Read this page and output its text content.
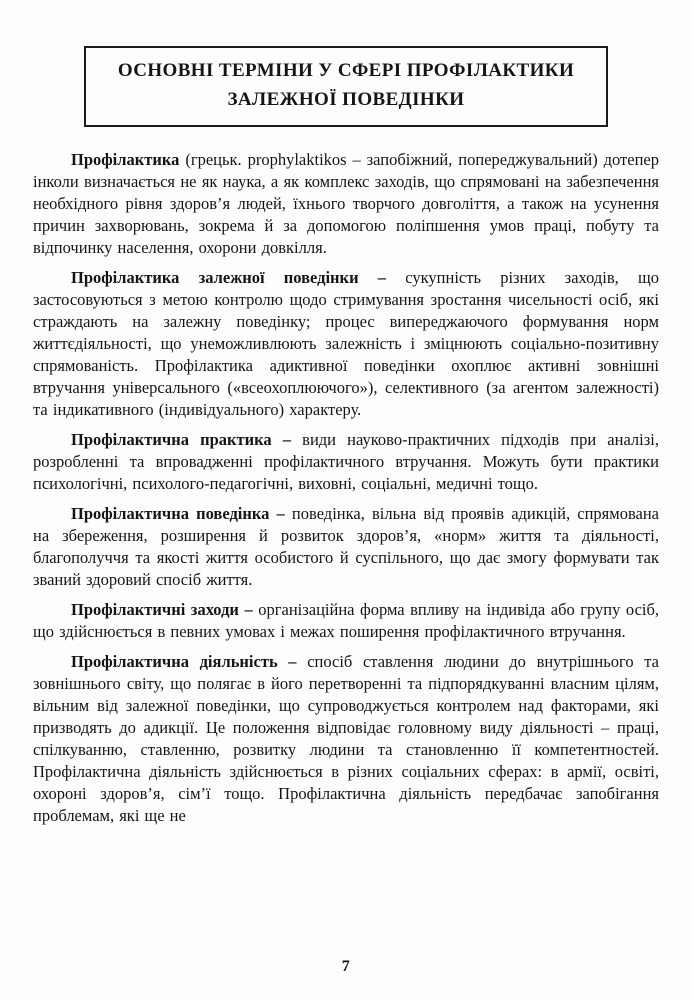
ОСНОВНІ ТЕРМІНИ У СФЕРІ ПРОФІЛАКТИКИ
ЗАЛЕЖНОЇ ПОВЕДІНКИ

Профілактика (грецьк. prophylaktikos – запобіжний, попереджувальний) дотепер інколи визначається не як наука, а як комплекс заходів, що спрямовані на забезпечення необхідного рівня здоров’я людей, їхнього творчого довголіття, а також на усунення причин захворювань, зокрема й за допомогою поліпшення умов праці, побуту та відпочинку населення, охорони довкілля.

Профілактика залежної поведінки – сукупність різних заходів, що застосовуються з метою контролю щодо стримування зростання чисельності осіб, які страждають на залежну поведінку; процес випереджаючого формування норм життєдіяльності, що унеможливлюють залежність і зміцнюють соціально-позитивну спрямованість. Профілактика адиктивної поведінки охоплює активні зовнішні втручання універсального («всеохоплюючого»), селективного (за агентом залежності) та індикативного (індивідуального) характеру.

Профілактична практика – види науково-практичних підходів при аналізі, розробленні та впровадженні профілактичного втручання. Можуть бути практики психологічні, психолого-педагогічні, виховні, соціальні, медичні тощо.

Профілактична поведінка – поведінка, вільна від проявів адикцій, спрямована на збереження, розширення й розвиток здоров’я, «норм» життя та діяльності, благополуччя та якості життя особистого й суспільного, що дає змогу формувати так званий здоровий спосіб життя.

Профілактичні заходи – організаційна форма впливу на індивіда або групу осіб, що здійснюється в певних умовах і межах поширення профілактичного втручання.

Профілактична діяльність – спосіб ставлення людини до внутрішнього та зовнішнього світу, що полягає в його перетворенні та підпорядкуванні власним цілям, вільним від залежної поведінки, що супроводжується контролем над факторами, які призводять до адикції. Це положення відповідає головному виду діяльності – праці, спілкуванню, ставленню, розвитку людини та становленню її компетентностей. Профілактична діяльність здійснюється в різних соціальних сферах: в армії, освіті, охороні здоров’я, сім’ї тощо. Профілактична діяльність передбачає запобігання проблемам, які ще не

7
